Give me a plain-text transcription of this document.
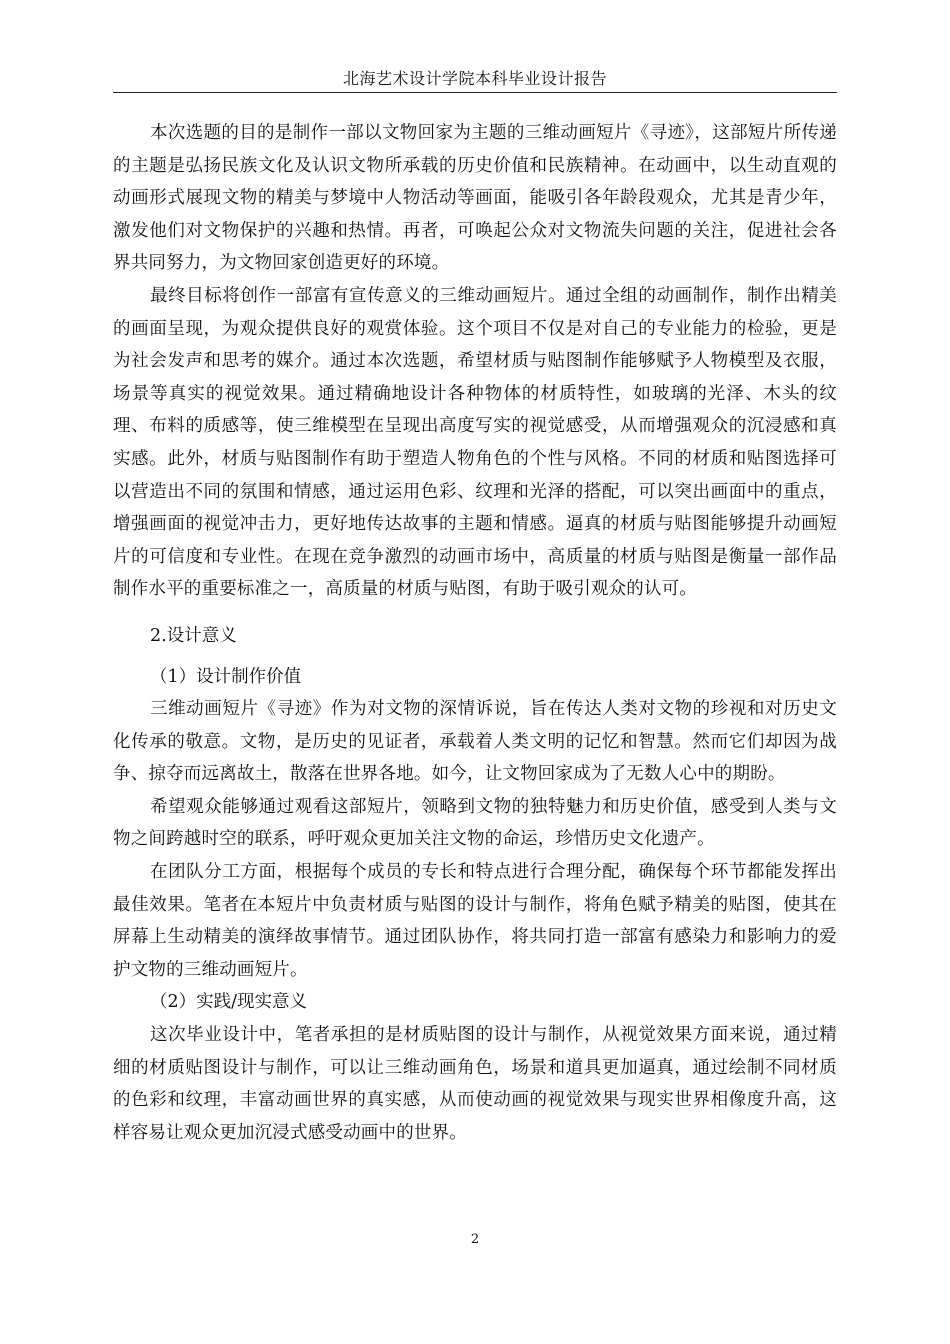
北海艺术设计学院本科毕业设计报告

本次选题的目的是制作一部以文物回家为主题的三维动画短片《寻迹》，这部短片所传递的主题是弘扬民族文化及认识文物所承载的历史价值和民族精神。在动画中，以生动直观的动画形式展现文物的精美与梦境中人物活动等画面，能吸引各年龄段观众，尤其是青少年，激发他们对文物保护的兴趣和热情。再者，可唤起公众对文物流失问题的关注，促进社会各界共同努力，为文物回家创造更好的环境。

最终目标将创作一部富有宣传意义的三维动画短片。通过全组的动画制作，制作出精美的画面呈现，为观众提供良好的观赏体验。这个项目不仅是对自己的专业能力的检验，更是为社会发声和思考的媒介。通过本次选题，希望材质与贴图制作能够赋予人物模型及衣服，场景等真实的视觉效果。通过精确地设计各种物体的材质特性，如玻璃的光泽、木头的纹理、布料的质感等，使三维模型在呈现出高度写实的视觉感受，从而增强观众的沉浸感和真实感。此外，材质与贴图制作有助于塑造人物角色的个性与风格。不同的材质和贴图选择可以营造出不同的氛围和情感，通过运用色彩、纹理和光泽的搭配，可以突出画面中的重点，增强画面的视觉冲击力，更好地传达故事的主题和情感。逼真的材质与贴图能够提升动画短片的可信度和专业性。在现在竞争激烈的动画市场中，高质量的材质与贴图是衡量一部作品制作水平的重要标准之一，高质量的材质与贴图，有助于吸引观众的认可。

2.设计意义

（1）设计制作价值

三维动画短片《寻迹》作为对文物的深情诉说，旨在传达人类对文物的珍视和对历史文化传承的敬意。文物，是历史的见证者，承载着人类文明的记忆和智慧。然而它们却因为战争、掠夺而远离故土，散落在世界各地。如今，让文物回家成为了无数人心中的期盼。

希望观众能够通过观看这部短片，领略到文物的独特魅力和历史价值，感受到人类与文物之间跨越时空的联系，呼吁观众更加关注文物的命运，珍惜历史文化遗产。

在团队分工方面，根据每个成员的专长和特点进行合理分配，确保每个环节都能发挥出最佳效果。笔者在本短片中负责材质与贴图的设计与制作，将角色赋予精美的贴图，使其在屏幕上生动精美的演绎故事情节。通过团队协作，将共同打造一部富有感染力和影响力的爱护文物的三维动画短片。

（2）实践/现实意义

这次毕业设计中，笔者承担的是材质贴图的设计与制作，从视觉效果方面来说，通过精细的材质贴图设计与制作，可以让三维动画角色，场景和道具更加逼真，通过绘制不同材质的色彩和纹理，丰富动画世界的真实感，从而使动画的视觉效果与现实世界相像度升高，这样容易让观众更加沉浸式感受动画中的世界。

2
